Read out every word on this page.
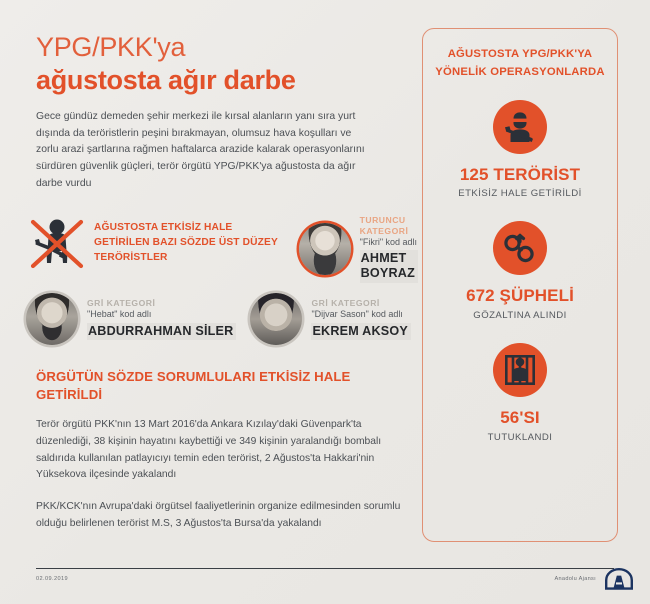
YPG/PKK'ya
ağustosta ağır darbe

Gece gündüz demeden şehir merkezi ile kırsal alanların yanı sıra yurt dışında da teröristlerin peşini bırakmayan, olumsuz hava koşulları ve zorlu arazi şartlarına rağmen haftalarca arazide kalarak operasyonlarını sürdüren güvenlik güçleri, terör örgütü YPG/PKK'ya ağustosta da ağır darbe vurdu

AĞUSTOSTA ETKİSİZ HALE GETİRİLEN BAZI SÖZDE ÜST DÜZEY TERÖRİSTLER
TURUNCU KATEGORİ
"Fikri" kod adlı
AHMET BOYRAZ
GRİ KATEGORİ
"Hebat" kod adlı
ABDURRAHMAN SİLER
GRİ KATEGORİ
"Dijvar Sason" kod adlı
EKREM AKSOY
ÖRGÜTÜN SÖZDE SORUMLULARI ETKİSİZ HALE GETİRİLDİ

Terör örgütü PKK'nın 13 Mart 2016'da Ankara Kızılay'daki Güvenpark'ta düzenlediği, 38 kişinin hayatını kaybettiği ve 349 kişinin yaralandığı bombalı saldırıda kullanılan patlayıcıyı temin eden terörist, 2 Ağustos'ta Hakkari'nin Yüksekova ilçesinde yakalandı

PKK/KCK'nın Avrupa'daki örgütsel faaliyetlerinin organize edilmesinden sorumlu olduğu belirlenen terörist M.S, 3 Ağustos'ta Bursa'da yakalandı

AĞUSTOSTA YPG/PKK'YA YÖNELİK OPERASYONLARDA
125 TERÖRİST
ETKİSİZ HALE GETİRİLDİ
672 ŞÜPHELİ
GÖZALTINA ALINDI
56'SI
TUTUKLANDI
02.09.2019	Anadolu Ajansı
